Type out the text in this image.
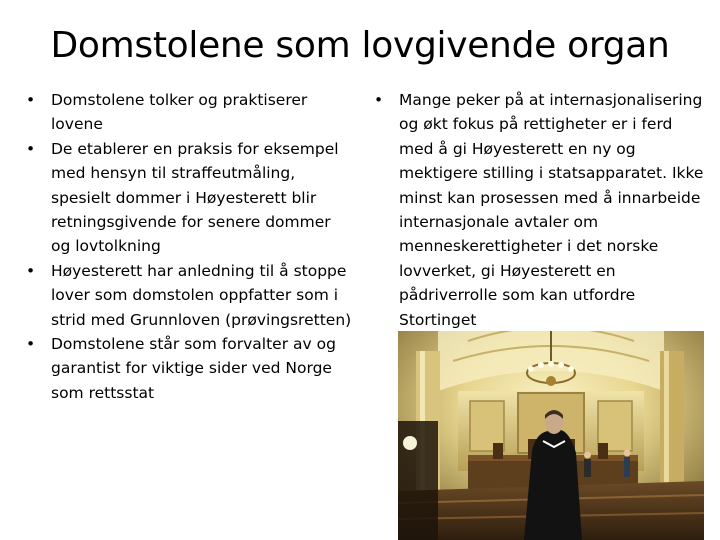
Domstolene som lovgivende organ
• Domstolene tolker og praktiserer lovene
• De etablerer en praksis for eksempel med hensyn til straffeutmåling, spesielt dommer i Høyesterett blir retningsgivende for senere dommer og lovtolkning
• Høyesterett har anledning til å stoppe lover som domstolen oppfatter som i strid med Grunnloven (prøvingsretten)
• Domstolene står som forvalter av og garantist for viktige sider ved Norge som rettsstat
• Mange peker på at internasjonalisering og økt fokus på rettigheter er i ferd med å gi Høyesterett en ny og mektigere stilling i statsapparatet. Ikke minst kan prosessen med å innarbeide internasjonale avtaler om menneskerettigheter i det norske lovverket, gi Høyesterett en pådriverrolle som kan utfordre Stortinget
